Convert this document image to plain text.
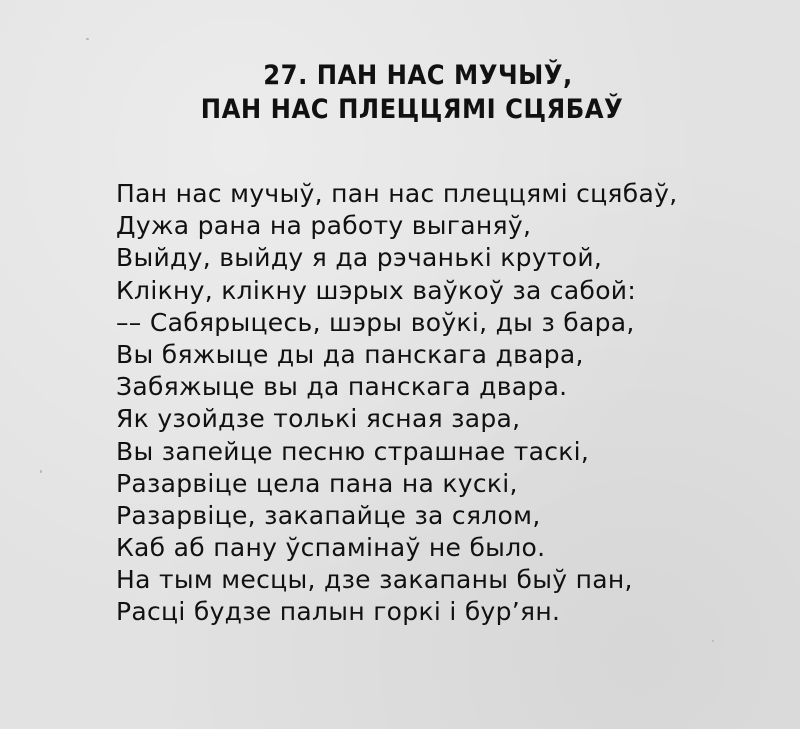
27. ПАН НАС МУЧЫЎ,
ПАН НАС ПЛЕЦЦЯМІ СЦЯБАЎ
Пан нас мучыў, пан нас плеццямі сцябаў,
Дужа рана на работу выганяў,
Выйду, выйду я да рэчанькі крутой,
Клікну, клікну шэрых ваўкоў за сабой:
–– Сабярыцесь, шэры воўкі, ды з бара,
Вы бяжыце ды да панскага двара,
Забяжыце вы да панскага двара.
Як узойдзе толькі ясная зара,
Вы запейце песню страшнае таскі,
Разарвіце цела пана на кускі,
Разарвіце, закапайце за сялом,
Каб аб пану ўспамінаў не было.
На тым месцы, дзе закапаны быў пан,
Расці будзе палын горкі і бур’ян.
